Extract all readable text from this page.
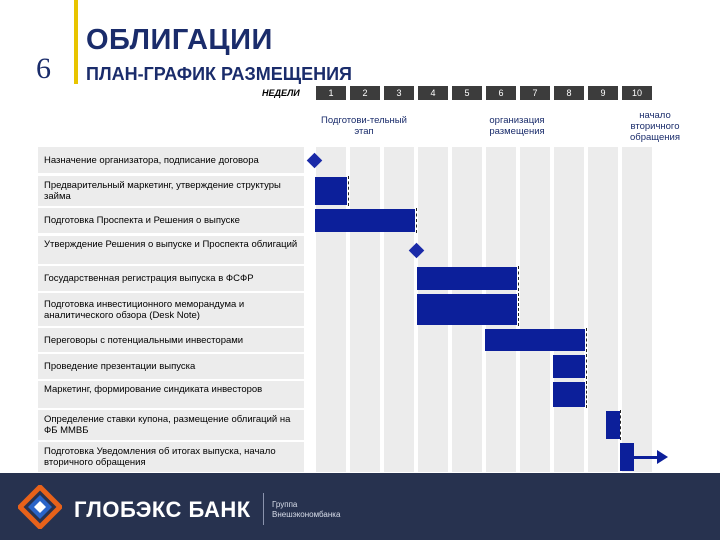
6
ОБЛИГАЦИИ
ПЛАН-ГРАФИК РАЗМЕЩЕНИЯ
НЕДЕЛИ	1	2	3	4	5	6	7	8	9	10
Подготови-тельный этап
организация размещения
начало вторичного обращения
Назначение организатора, подписание договора
Предварительный маркетинг, утверждение структуры займа
Подготовка Проспекта и Решения о выпуске
Утверждение Решения о выпуске и Проспекта облигаций
Государственная регистрация выпуска в ФСФР
Подготовка инвестиционного меморандума и аналитического обзора (Desk Note)
Переговоры с потенциальными инвесторами
Проведение презентации выпуска
Маркетинг, формирование синдиката инвесторов
Определение ставки купона, размещение облигаций на ФБ ММВБ
Подготовка Уведомления об итогах выпуска, начало вторичного обращения
ГЛОБЭКС БАНК	Группа
Внешэкономбанка
